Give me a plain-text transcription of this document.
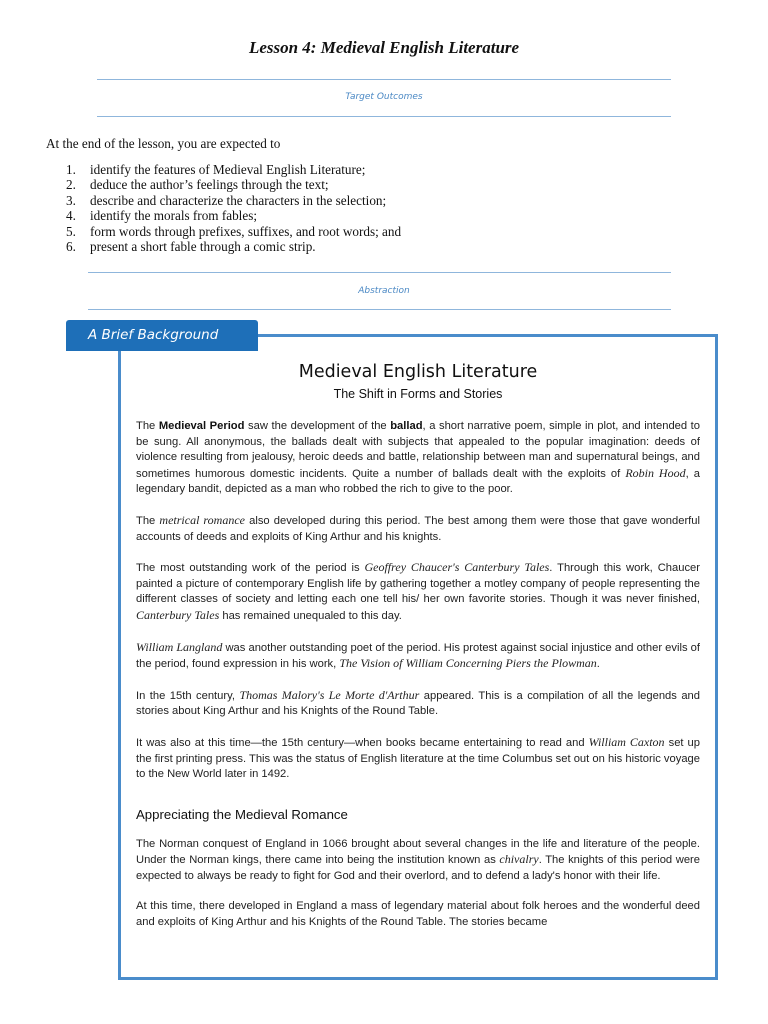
Lesson 4: Medieval English Literature
Target Outcomes
At the end of the lesson, you are expected to
1. identify the features of Medieval English Literature;
2. deduce the author’s feelings through the text;
3. describe and characterize the characters in the selection;
4. identify the morals from fables;
5. form words through prefixes, suffixes, and root words; and
6. present a short fable through a comic strip.
Abstraction
Medieval English Literature
The Shift in Forms and Stories

The Medieval Period saw the development of the ballad, a short narrative poem, simple in plot, and intended to be sung. All anonymous, the ballads dealt with subjects that appealed to the popular imagination: deeds of violence resulting from jealousy, heroic deeds and battle, relationship between man and supernatural beings, and sometimes humorous domestic incidents. Quite a number of ballads dealt with the exploits of Robin Hood, a legendary bandit, depicted as a man who robbed the rich to give to the poor.

The metrical romance also developed during this period. The best among them were those that gave wonderful accounts of deeds and exploits of King Arthur and his knights.

The most outstanding work of the period is Geoffrey Chaucer's Canterbury Tales. Through this work, Chaucer painted a picture of contemporary English life by gathering together a motley company of people representing the different classes of society and letting each one tell his/ her own favorite stories. Though it was never finished, Canterbury Tales has remained unequaled to this day.

William Langland was another outstanding poet of the period. His protest against social injustice and other evils of the period, found expression in his work, The Vision of William Concerning Piers the Plowman.

In the 15th century, Thomas Malory's Le Morte d'Arthur appeared. This is a compilation of all the legends and stories about King Arthur and his Knights of the Round Table.

It was also at this time—the 15th century—when books became entertaining to read and William Caxton set up the first printing press. This was the status of English literature at the time Columbus set out on his historic voyage to the New World later in 1492.

Appreciating the Medieval Romance

The Norman conquest of England in 1066 brought about several changes in the life and literature of the people. Under the Norman kings, there came into being the institution known as chivalry. The knights of this period were expected to always be ready to fight for God and their overlord, and to defend a lady's honor with their life.

At this time, there developed in England a mass of legendary material about folk heroes and the wonderful deed and exploits of King Arthur and his Knights of the Round Table. The stories became

A Brief Background
